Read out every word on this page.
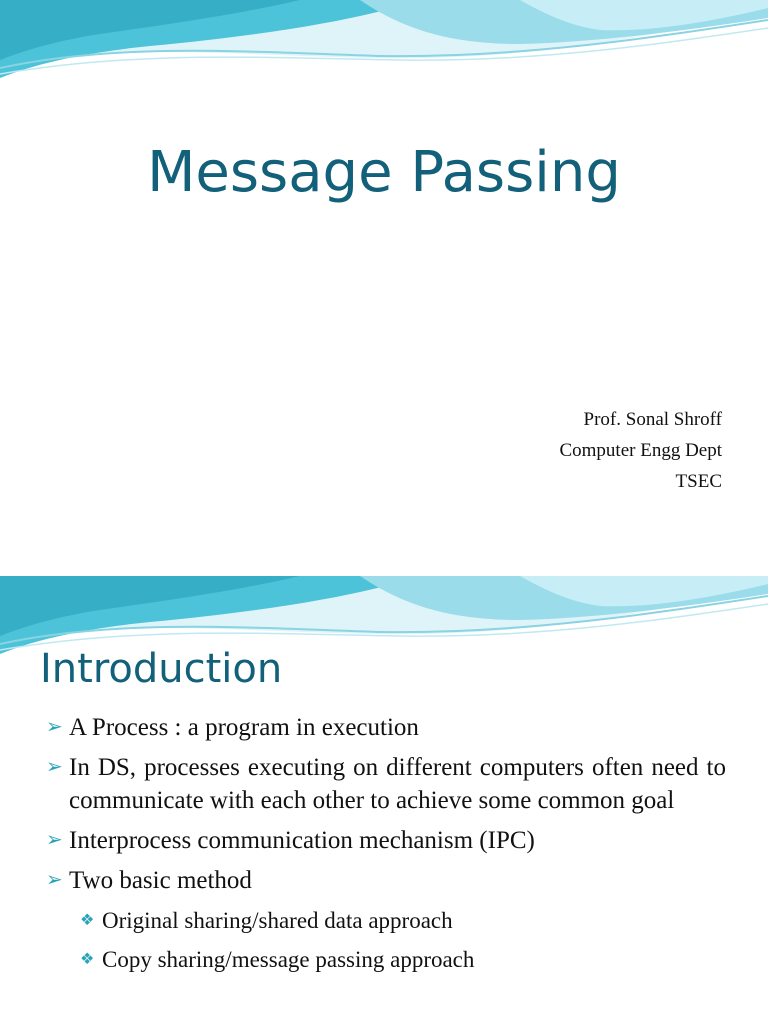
Message Passing
Prof. Sonal Shroff
Computer Engg Dept
TSEC
Introduction
➢ A Process : a program in execution
➢ In DS, processes executing on different computers often need to communicate with each other to achieve some common goal
➢ Interprocess communication mechanism (IPC)
➢ Two basic method
❖ Original sharing/shared data approach
❖ Copy sharing/message passing approach
